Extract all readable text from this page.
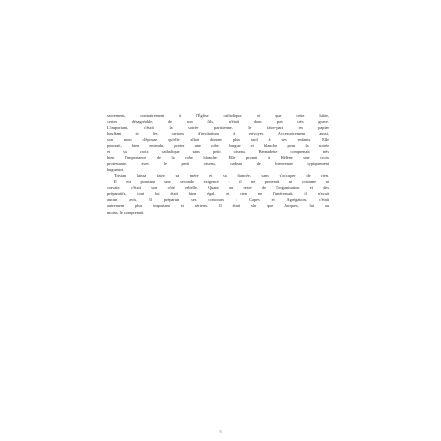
sacrement, contrairement à l'Église catholique, et que cette lubie,
certes désagréable, de son fils, n'était donc pas très grave.
L'important, c'était la soirée parisienne, le faire-part en papier
bouffant et les cartons d'invitations à envoyer. Accessoirement aussi,
son nom d'épouse qu'elle allait donner plus tard à ses enfants. Elle
pourrait, bien entendu, porter une robe longue et blanche pour la soirée
et sa croix catholique sans petit oiseau. Bernadette comprenait très
bien l'importance de la robe blanche. Elle promit à Hélène une croix
protestante, avec le petit oiseau, cadeau de bienvenue typiquement
huguenot.

Tristan laissa faire sa mère et sa fiancée, sans s'occuper de rien.
Il est pourtant une seconde exigence : il ne porterait ni costume ni
cravate, c'était son côté rebelle. Quant au reste de l'organisation et des
préparatifs, tout lui était bien égal, et rien ne l'intéressait, il n'avait
aucun avis. Il préparait ses concours : Capes et Agrégation, c'était
autrement plus important et sérieux. Il était sûr que Jacques, lui au
moins, le comprenait.

8
